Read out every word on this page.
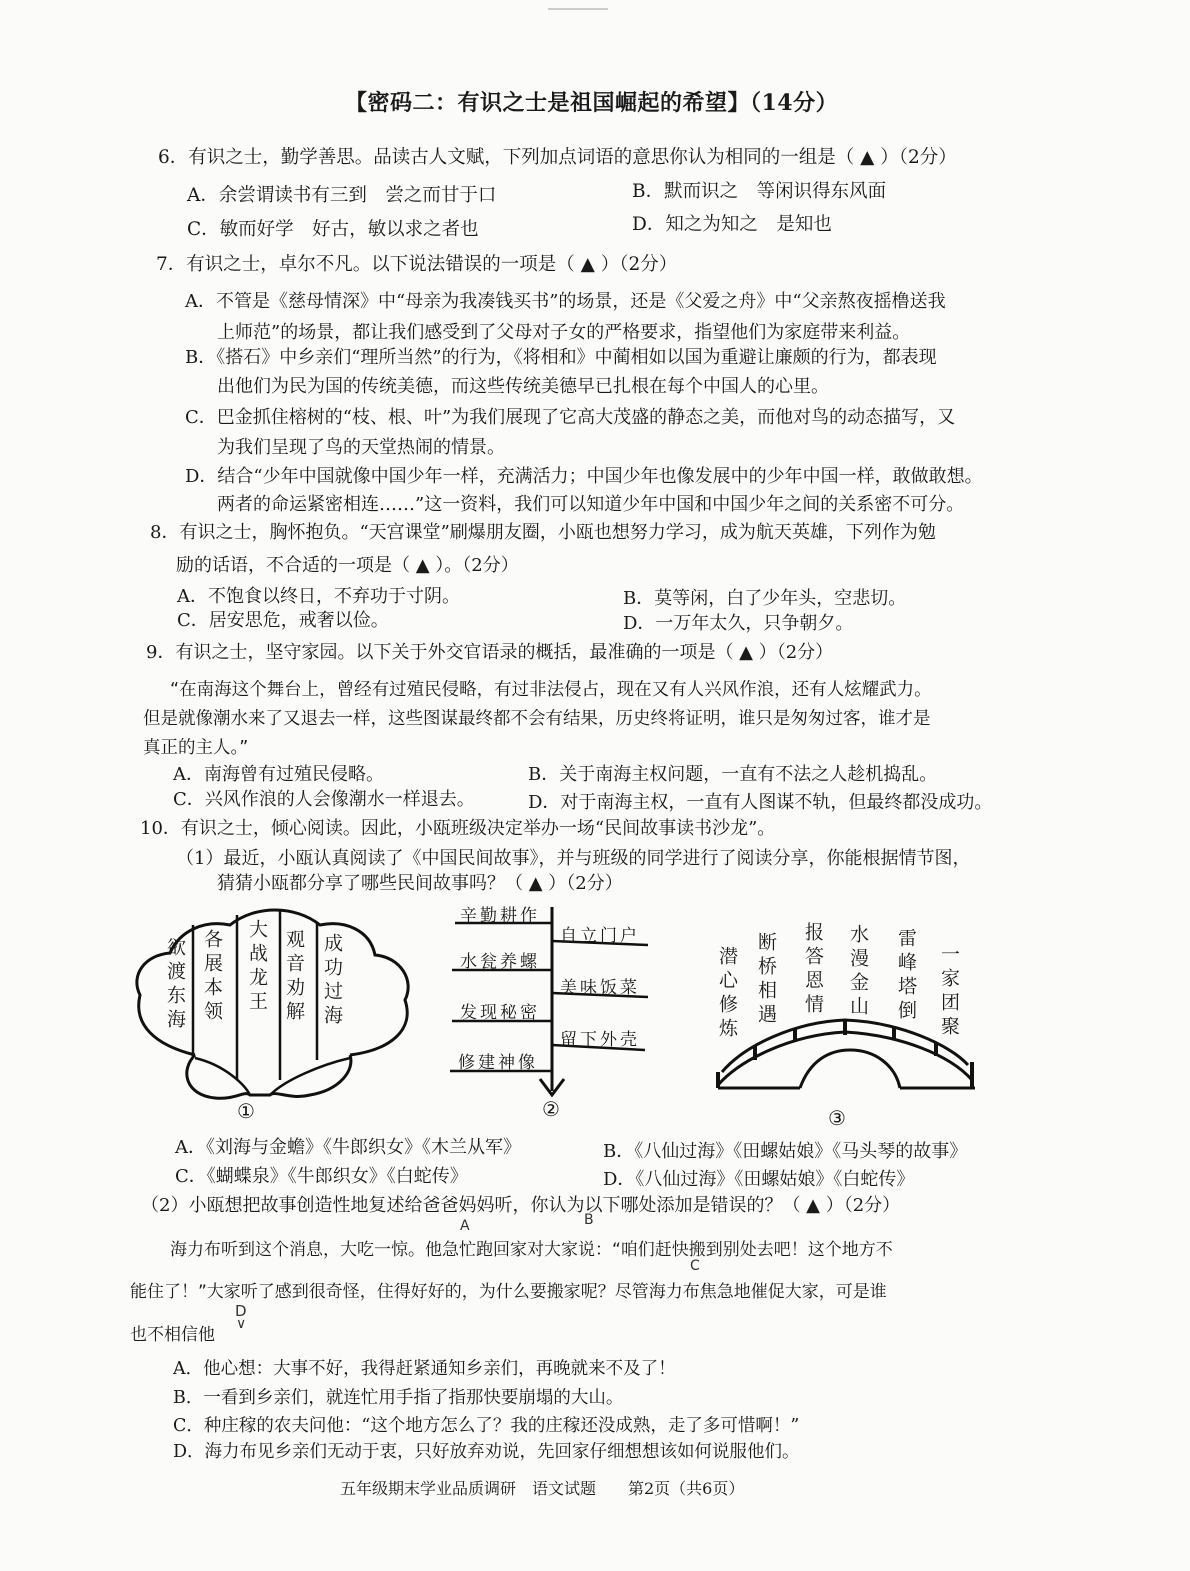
【密码二：有识之士是祖国崛起的希望】（14分）
6．有识之士，勤学善思。品读古人文赋，下列加点词语的意思你认为相同的一组是（ ▲ ）（2分）
A．余尝谓读书有三到　尝之而甘于口	B．默而识之　等闲识得东风面
C．敏而好学　好古，敏以求之者也	D．知之为知之　是知也
7．有识之士，卓尔不凡。以下说法错误的一项是（ ▲ ）（2分）
A．不管是《慈母情深》中“母亲为我凑钱买书”的场景，还是《父爱之舟》中“父亲熬夜摇橹送我
上师范”的场景，都让我们感受到了父母对子女的严格要求，指望他们为家庭带来利益。
B．《搭石》中乡亲们“理所当然”的行为，《将相和》中蔺相如以国为重避让廉颇的行为，都表现
出他们为民为国的传统美德，而这些传统美德早已扎根在每个中国人的心里。
C．巴金抓住榕树的“枝、根、叶”为我们展现了它高大茂盛的静态之美，而他对鸟的动态描写，又
为我们呈现了鸟的天堂热闹的情景。
D．结合“少年中国就像中国少年一样，充满活力；中国少年也像发展中的少年中国一样，敢做敢想。
两者的命运紧密相连……”这一资料，我们可以知道少年中国和中国少年之间的关系密不可分。
8．有识之士，胸怀抱负。“天宫课堂”刷爆朋友圈，小瓯也想努力学习，成为航天英雄，下列作为勉
励的话语，不合适的一项是（ ▲ ）。（2分）
A．不饱食以终日，不弃功于寸阴。	B．莫等闲，白了少年头，空悲切。
C．居安思危，戒奢以俭。	D．一万年太久，只争朝夕。
9．有识之士，坚守家园。以下关于外交官语录的概括，最准确的一项是（ ▲ ）（2分）
“在南海这个舞台上，曾经有过殖民侵略，有过非法侵占，现在又有人兴风作浪，还有人炫耀武力。
但是就像潮水来了又退去一样，这些图谋最终都不会有结果，历史终将证明，谁只是匆匆过客，谁才是
真正的主人。”
A．南海曾有过殖民侵略。	B．关于南海主权问题，一直有不法之人趁机捣乱。
C．兴风作浪的人会像潮水一样退去。	D．对于南海主权，一直有人图谋不轨，但最终都没成功。
10．有识之士，倾心阅读。因此，小瓯班级决定举办一场“民间故事读书沙龙”。
（1）最近，小瓯认真阅读了《中国民间故事》，并与班级的同学进行了阅读分享，你能根据情节图，
猜猜小瓯都分享了哪些民间故事吗？（ ▲ ）（2分）
欲渡东海 各展本领 大战龙王 观音劝解 成功过海
①
辛勤耕作
水瓮养螺
发现秘密
修建神像
自立门户
美味饭菜
留下外壳
②
潜心修炼 断桥相遇 报答恩情 水漫金山 雷峰塔倒 一家团聚
③
A．《刘海与金蟾》《牛郎织女》《木兰从军》	B．《八仙过海》《田螺姑娘》《马头琴的故事》
C．《蝴蝶泉》《牛郎织女》《白蛇传》	D．《八仙过海》《田螺姑娘》《白蛇传》
（2）小瓯想把故事创造性地复述给爸爸妈妈听，你认为以下哪处添加是错误的？（ ▲ ）（2分）
A	B
海力布听到这个消息，大吃一惊。他急忙跑回家对大家说：“咱们赶快搬到别处去吧！这个地方不
C
能住了！”大家听了感到很奇怪，住得好好的，为什么要搬家呢？尽管海力布焦急地催促大家，可是谁
D
也不相信他
∨
A．他心想：大事不好，我得赶紧通知乡亲们，再晚就来不及了！
B．一看到乡亲们，就连忙用手指了指那快要崩塌的大山。
C．种庄稼的农夫问他：“这个地方怎么了？我的庄稼还没成熟，走了多可惜啊！”
D．海力布见乡亲们无动于衷，只好放弃劝说，先回家仔细想想该如何说服他们。
五年级期末学业品质调研　语文试题　　第2页（共6页）
